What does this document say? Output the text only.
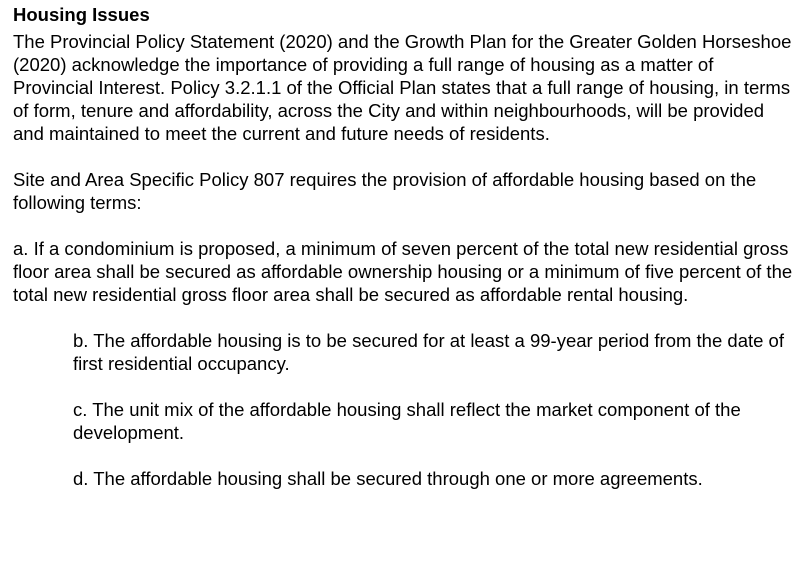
Housing Issues

The Provincial Policy Statement (2020) and the Growth Plan for the Greater Golden Horseshoe (2020) acknowledge the importance of providing a full range of housing as a matter of Provincial Interest. Policy 3.2.1.1 of the Official Plan states that a full range of housing, in terms of form, tenure and affordability, across the City and within neighbourhoods, will be provided and maintained to meet the current and future needs of residents.

Site and Area Specific Policy 807 requires the provision of affordable housing based on the following terms:

a. If a condominium is proposed, a minimum of seven percent of the total new residential gross floor area shall be secured as affordable ownership housing or a minimum of five percent of the total new residential gross floor area shall be secured as affordable rental housing.

b. The affordable housing is to be secured for at least a 99-year period from the date of first residential occupancy.

c. The unit mix of the affordable housing shall reflect the market component of the development.

d. The affordable housing shall be secured through one or more agreements.
